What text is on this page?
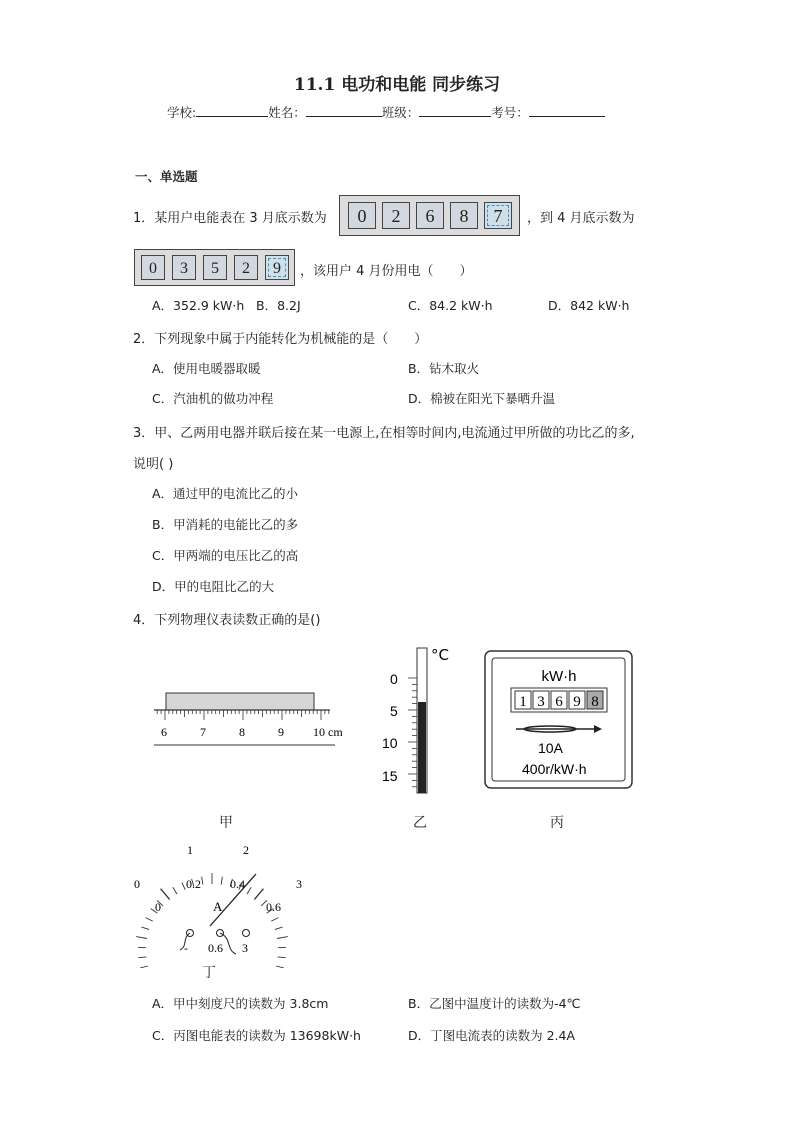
11.1 电功和电能 同步练习
学校:	姓名：	班级：	考号：
一、单选题
1．某用户电能表在 3 月底示数为	0	2	6	8	7	，到 4 月底示数为
0	3	5	2	9	，该用户 4 月份用电（　　）
A．352.9 kW·h B．8.2J	C．84.2 kW·h	D．842 kW·h
2．下列现象中属于内能转化为机械能的是（　　）
A．使用电暖器取暖	B．钻木取火
C．汽油机的做功冲程	D．棉被在阳光下暴晒升温
3．甲、乙两用电器并联后接在某一电源上,在相等时间内,电流通过甲所做的功比乙的多,
说明( )
A．通过甲的电流比乙的小
B．甲消耗的电能比乙的多
C．甲两端的电压比乙的高
D．甲的电阻比乙的大
4．下列物理仪表读数正确的是()
6	7	8	9 10 cm
甲
°C
0
5
10
15
乙
kW·h
1 3 6 9 8
10A
400r/kW·h
丙
0
1	2
3
0
0.2 0.4
0.6
A
- 0.6 3
丁
A．甲中刻度尺的读数为 3.8cm	B．乙图中温度计的读数为-4℃
C．丙图电能表的读数为 13698kW·h	D．丁图电流表的读数为 2.4A
